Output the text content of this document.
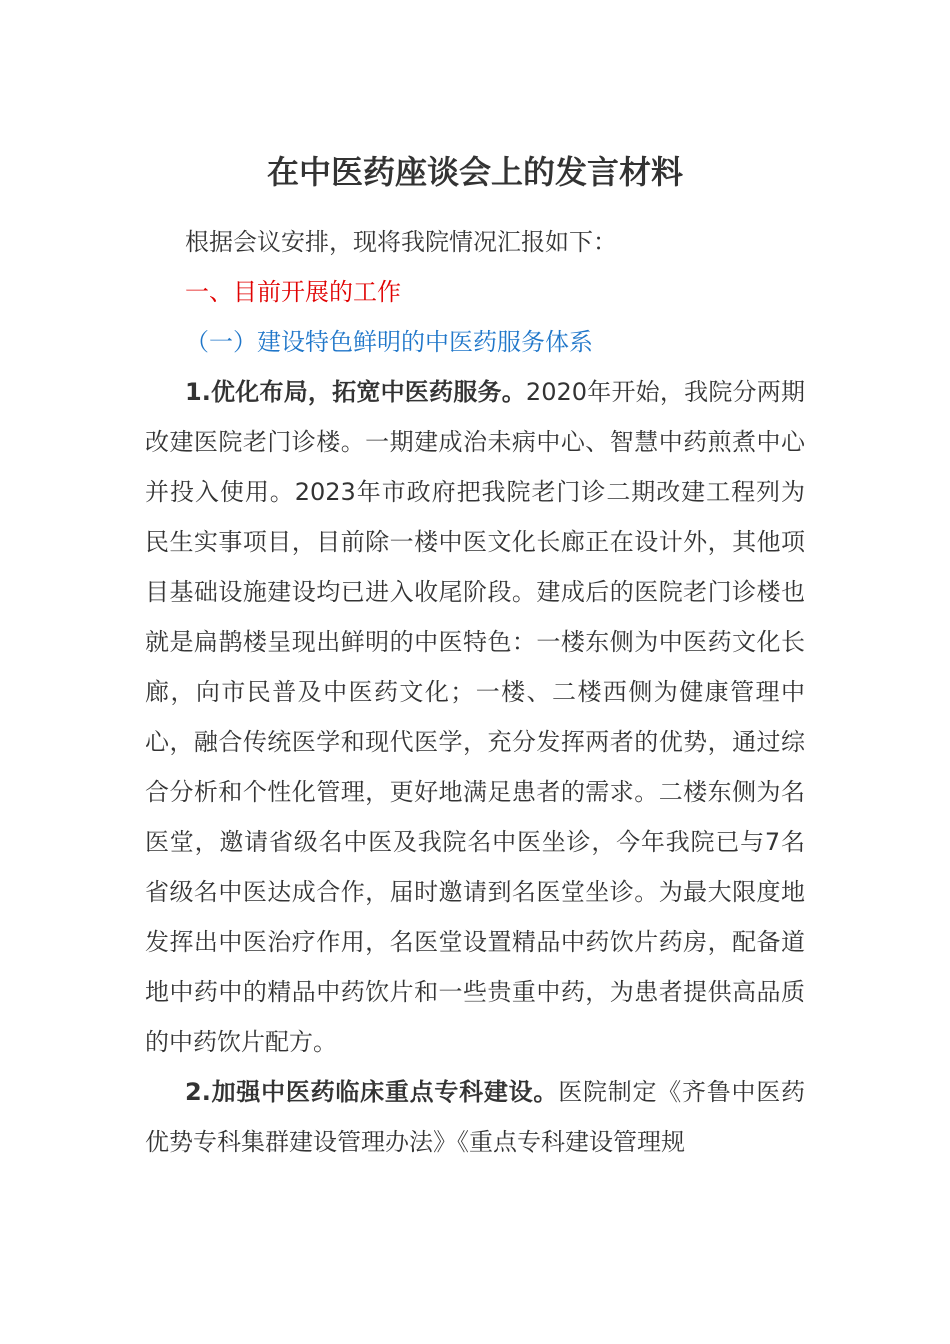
在中医药座谈会上的发言材料

根据会议安排，现将我院情况汇报如下：

一、目前开展的工作

（一）建设特色鲜明的中医药服务体系

1.优化布局，拓宽中医药服务。2020年开始，我院分两期改建医院老门诊楼。一期建成治未病中心、智慧中药煎煮中心并投入使用。2023年市政府把我院老门诊二期改建工程列为民生实事项目，目前除一楼中医文化长廊正在设计外，其他项目基础设施建设均已进入收尾阶段。建成后的医院老门诊楼也就是扁鹊楼呈现出鲜明的中医特色：一楼东侧为中医药文化长廊，向市民普及中医药文化；一楼、二楼西侧为健康管理中心，融合传统医学和现代医学，充分发挥两者的优势，通过综合分析和个性化管理，更好地满足患者的需求。二楼东侧为名医堂，邀请省级名中医及我院名中医坐诊，今年我院已与7名省级名中医达成合作，届时邀请到名医堂坐诊。为最大限度地发挥出中医治疗作用，名医堂设置精品中药饮片药房，配备道地中药中的精品中药饮片和一些贵重中药，为患者提供高品质的中药饮片配方。

2.加强中医药临床重点专科建设。医院制定《齐鲁中医药优势专科集群建设管理办法》《重点专科建设管理规
